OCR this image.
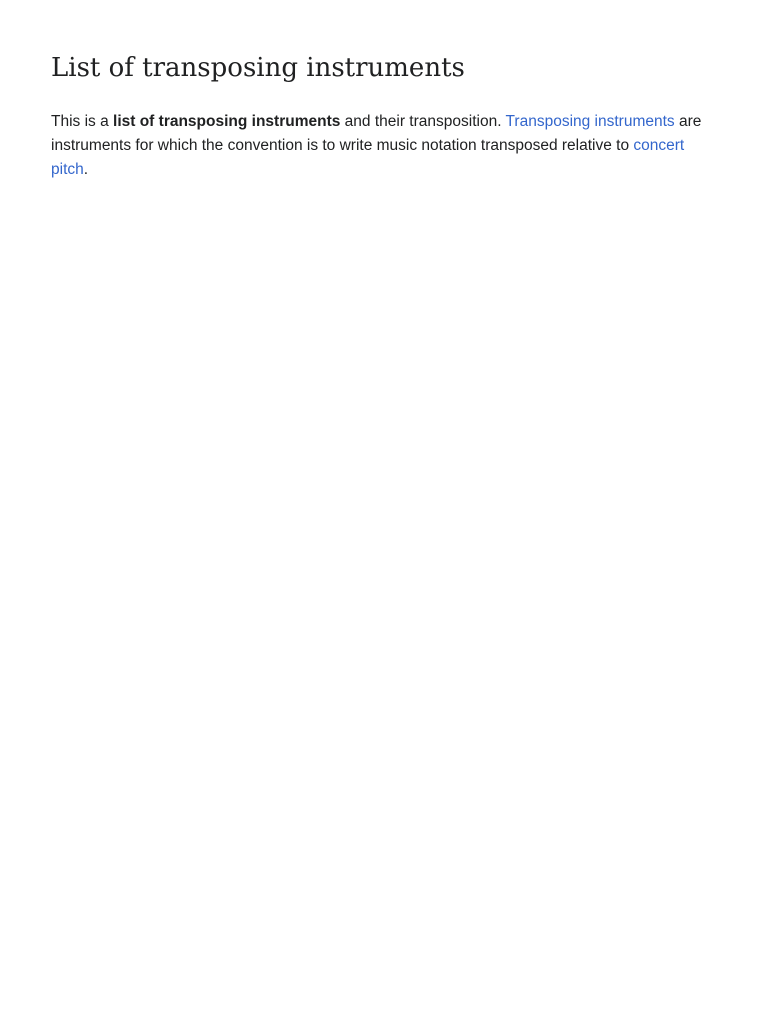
List of transposing instruments

This is a list of transposing instruments and their transposition. Transposing instruments are instruments for which the convention is to write music notation transposed relative to concert pitch.
